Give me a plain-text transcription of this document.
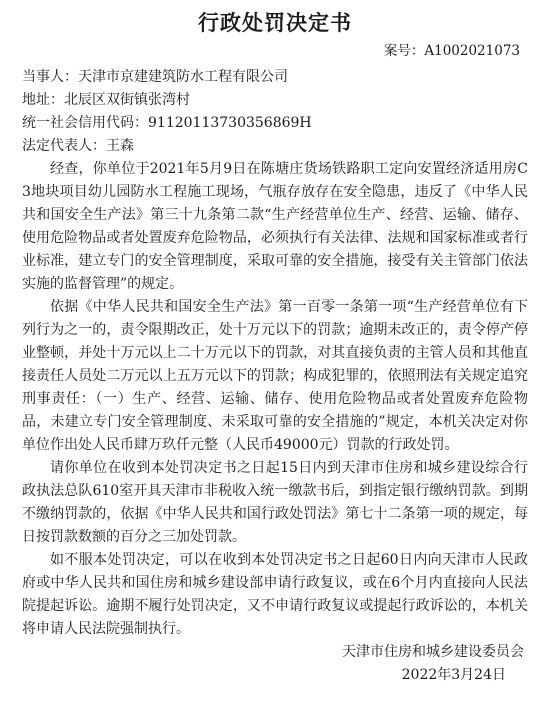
行政处罚决定书
案号：A1002021073

当事人：天津市京建建筑防水工程有限公司

地址：北辰区双街镇张湾村

统一社会信用代码：91120113730356869H

法定代表人：王森

经查，你单位于2021年5月9日在陈塘庄货场铁路职工定向安置经济适用房C3地块项目幼儿园防水工程施工现场，气瓶存放存在安全隐患，违反了《中华人民共和国安全生产法》第三十九条第二款“生产经营单位生产、经营、运输、储存、使用危险物品或者处置废弃危险物品，必须执行有关法律、法规和国家标准或者行业标准，建立专门的安全管理制度，采取可靠的安全措施，接受有关主管部门依法实施的监督管理”的规定。

依据《中华人民共和国安全生产法》第一百零一条第一项“生产经营单位有下列行为之一的，责令限期改正，处十万元以下的罚款；逾期未改正的，责令停产停业整顿，并处十万元以上二十万元以下的罚款，对其直接负责的主管人员和其他直接责任人员处二万元以上五万元以下的罚款；构成犯罪的，依照刑法有关规定追究刑事责任：（一）生产、经营、运输、储存、使用危险物品或者处置废弃危险物品，未建立专门安全管理制度、未采取可靠的安全措施的”规定，本机关决定对你单位作出处人民币肆万玖仟元整（人民币49000元）罚款的行政处罚。

请你单位在收到本处罚决定书之日起15日内到天津市住房和城乡建设综合行政执法总队610室开具天津市非税收入统一缴款书后，到指定银行缴纳罚款。到期不缴纳罚款的，依据《中华人民共和国行政处罚法》第七十二条第一项的规定，每日按罚款数额的百分之三加处罚款。

如不服本处罚决定，可以在收到本处罚决定书之日起60日内向天津市人民政府或中华人民共和国住房和城乡建设部申请行政复议，或在6个月内直接向人民法院提起诉讼。逾期不履行处罚决定，又不申请行政复议或提起行政诉讼的，本机关将申请人民法院强制执行。

天津市住房和城乡建设委员会

2022年3月24日
